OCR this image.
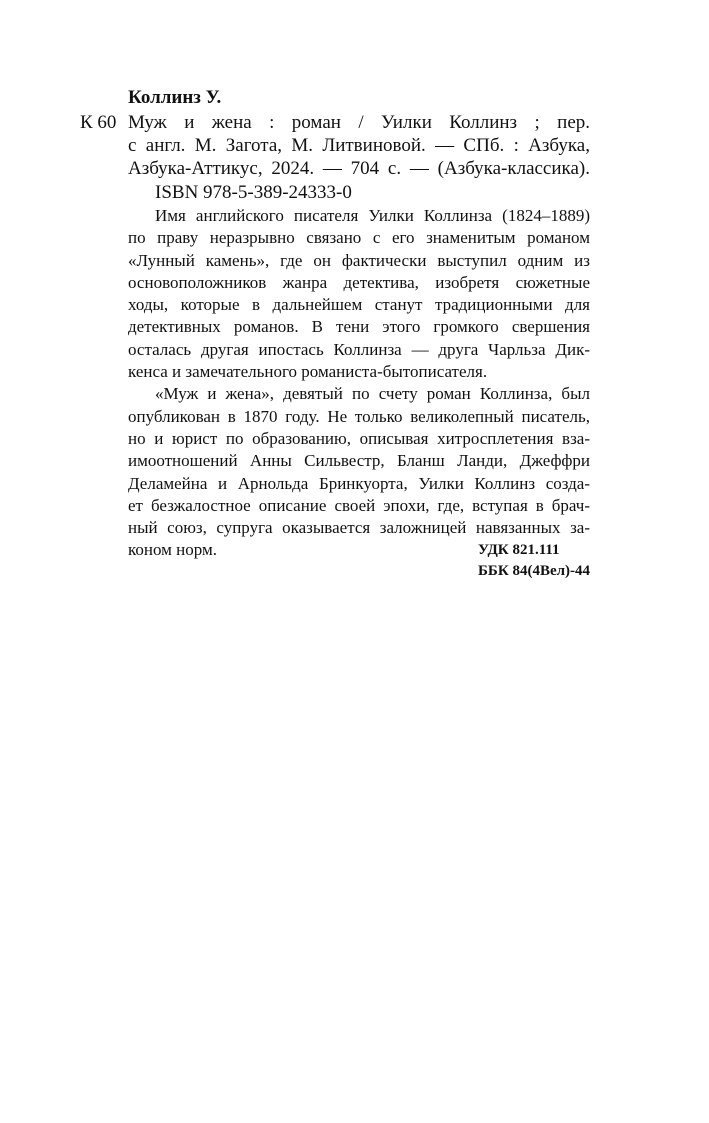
Коллинз У.
К 60 Муж и жена : роман / Уилки Коллинз ; пер.
с англ. М. Загота, М. Литвиновой. — СПб. : Азбука,
Азбука-Аттикус, 2024. — 704 с. — (Азбука-классика).
ISBN 978-5-389-24333-0
Имя английского писателя Уилки Коллинза (1824–1889)
по праву неразрывно связано с его знаменитым романом
«Лунный камень», где он фактически выступил одним из
основоположников жанра детектива, изобретя сюжетные
ходы, которые в дальнейшем станут традиционными для
детективных романов. В тени этого громкого свершения
осталась другая ипостась Коллинза — друга Чарльза Дик-
кенса и замечательного романиста-бытописателя.
«Муж и жена», девятый по счету роман Коллинза, был
опубликован в 1870 году. Не только великолепный писатель,
но и юрист по образованию, описывая хитросплетения вза-
имоотношений Анны Сильвестр, Бланш Ланди, Джеффри
Деламейна и Арнольда Бринкуорта, Уилки Коллинз созда-
ет безжалостное описание своей эпохи, где, вступая в брач-
ный союз, супруга оказывается заложницей навязанных за-
коном норм.	УДК 821.111
ББК 84(4Вел)-44
